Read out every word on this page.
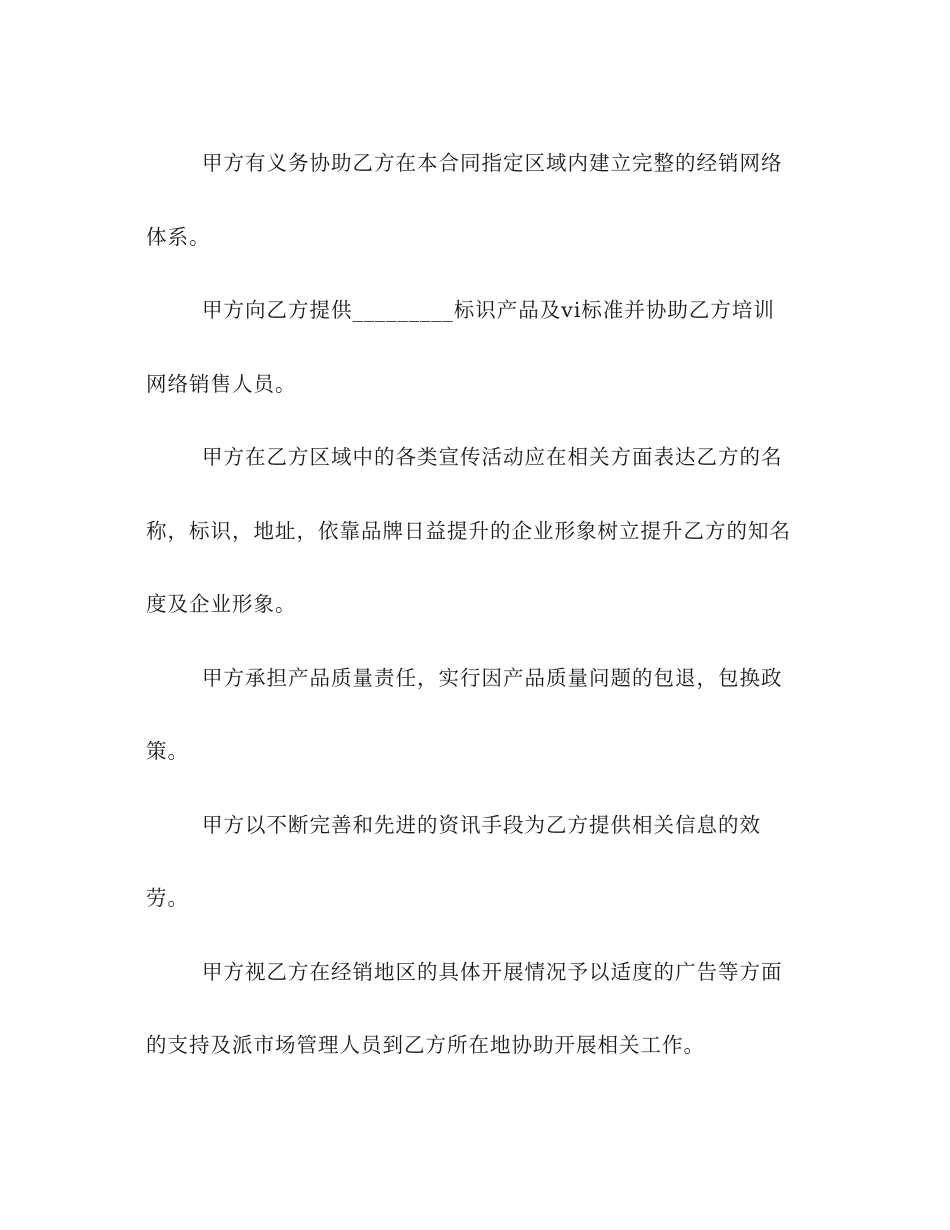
甲方有义务协助乙方在本合同指定区域内建立完整的经销网络
体系。
甲方向乙方提供_________标识产品及vi标准并协助乙方培训
网络销售人员。
甲方在乙方区域中的各类宣传活动应在相关方面表达乙方的名
称，标识，地址，依靠品牌日益提升的企业形象树立提升乙方的知名
度及企业形象。
甲方承担产品质量责任，实行因产品质量问题的包退，包换政
策。
甲方以不断完善和先进的资讯手段为乙方提供相关信息的效
劳。
甲方视乙方在经销地区的具体开展情况予以适度的广告等方面
的支持及派市场管理人员到乙方所在地协助开展相关工作。
